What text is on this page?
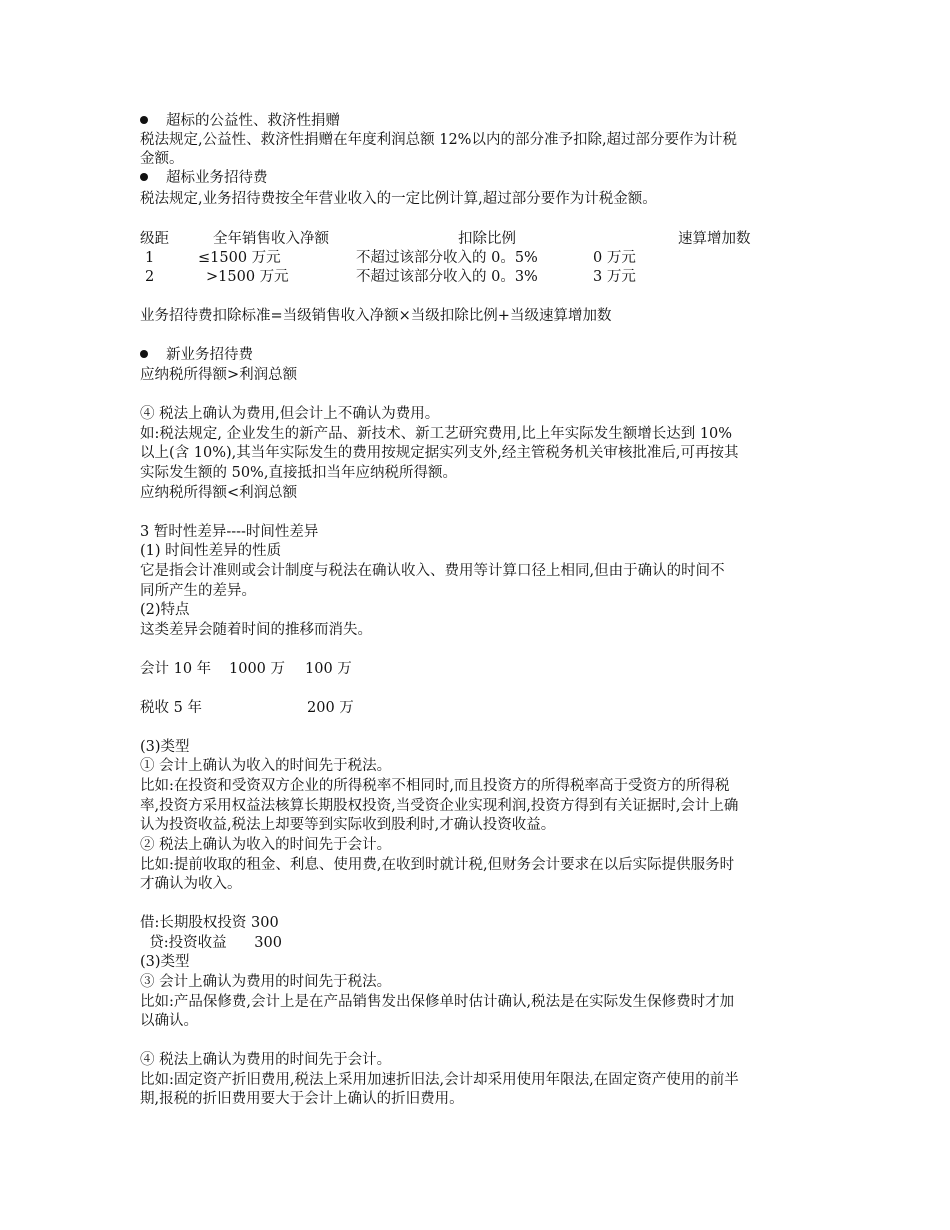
超标的公益性、救济性捐赠
税法规定,公益性、救济性捐赠在年度利润总额 12%以内的部分准予扣除,超过部分要作为计税
金额。
超标业务招待费
税法规定,业务招待费按全年营业收入的一定比例计算,超过部分要作为计税金额。
级距	全年销售收入净额	扣除比例	速算增加数
1	≤1500 万元	不超过该部分收入的 0。5%	0 万元
2	>1500 万元	不超过该部分收入的 0。3%	3 万元
业务招待费扣除标准=当级销售收入净额×当级扣除比例+当级速算增加数
新业务招待费
应纳税所得额>利润总额
④ 税法上确认为费用,但会计上不确认为费用。
如:税法规定, 企业发生的新产品、新技术、新工艺研究费用,比上年实际发生额增长达到 10%
以上(含 10%),其当年实际发生的费用按规定据实列支外,经主管税务机关审核批准后,可再按其
实际发生额的 50%,直接抵扣当年应纳税所得额。
应纳税所得额<利润总额
3 暂时性差异----时间性差异
(1) 时间性差异的性质
它是指会计准则或会计制度与税法在确认收入、费用等计算口径上相同,但由于确认的时间不
同所产生的差异。
(2)特点
这类差异会随着时间的推移而消失。
会计 10 年 1000 万 100 万
税收 5 年	200 万
(3)类型
① 会计上确认为收入的时间先于税法。
比如:在投资和受资双方企业的所得税率不相同时,而且投资方的所得税率高于受资方的所得税
率,投资方采用权益法核算长期股权投资,当受资企业实现利润,投资方得到有关证据时,会计上确
认为投资收益,税法上却要等到实际收到股利时,才确认投资收益。
② 税法上确认为收入的时间先于会计。
比如:提前收取的租金、利息、使用费,在收到时就计税,但财务会计要求在以后实际提供服务时
才确认为收入。
借:长期股权投资 300
贷:投资收益      300
(3)类型
③ 会计上确认为费用的时间先于税法。
比如:产品保修费,会计上是在产品销售发出保修单时估计确认,税法是在实际发生保修费时才加
以确认。
④ 税法上确认为费用的时间先于会计。
比如:固定资产折旧费用,税法上采用加速折旧法,会计却采用使用年限法,在固定资产使用的前半
期,报税的折旧费用要大于会计上确认的折旧费用。
